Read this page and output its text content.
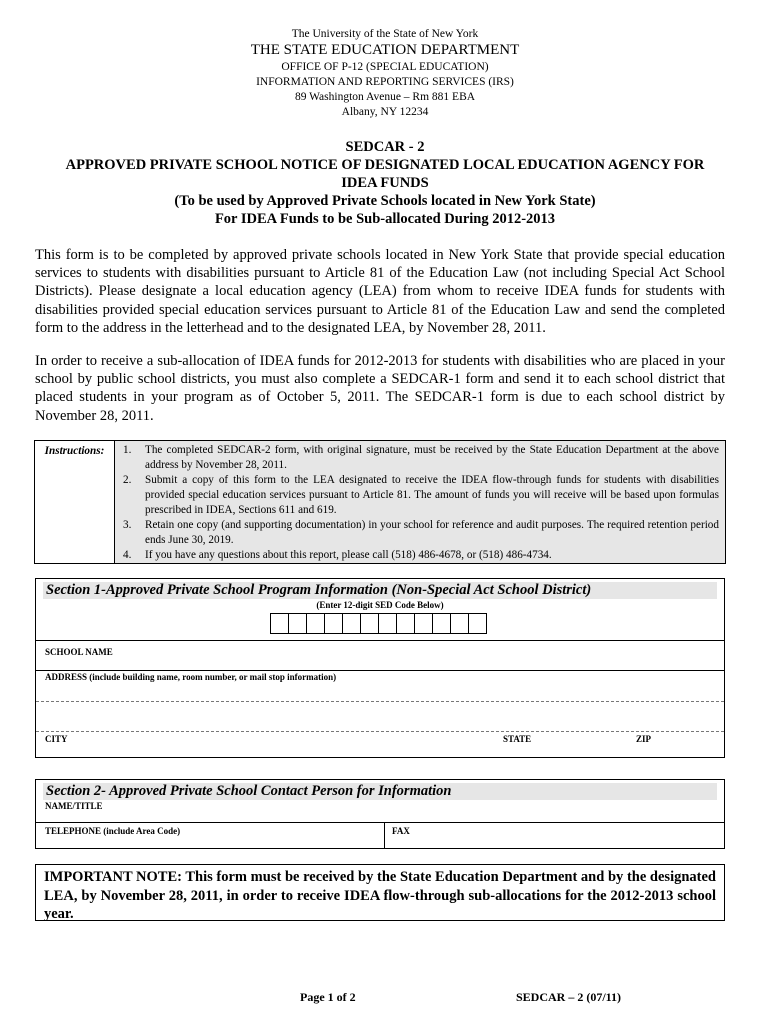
The University of the State of New York
THE STATE EDUCATION DEPARTMENT
OFFICE OF P-12 (SPECIAL EDUCATION)
INFORMATION AND REPORTING SERVICES (IRS)
89 Washington Avenue – Rm 881 EBA
Albany, NY 12234
SEDCAR - 2
APPROVED PRIVATE SCHOOL NOTICE OF DESIGNATED LOCAL EDUCATION AGENCY FOR
IDEA FUNDS
(To be used by Approved Private Schools located in New York State)
For IDEA Funds to be Sub-allocated During 2012-2013
This form is to be completed by approved private schools located in New York State that provide special education services to students with disabilities pursuant to Article 81 of the Education Law (not including Special Act School Districts). Please designate a local education agency (LEA) from whom to receive IDEA funds for students with disabilities provided special education services pursuant to Article 81 of the Education Law and send the completed form to the address in the letterhead and to the designated LEA, by November 28, 2011.
In order to receive a sub-allocation of IDEA funds for 2012-2013 for students with disabilities who are placed in your school by public school districts, you must also complete a SEDCAR-1 form and send it to each school district that placed students in your program as of October 5, 2011. The SEDCAR-1 form is due to each school district by November 28, 2011.
Instructions:	1. The completed SEDCAR-2 form, with original signature, must be received by the State Education Department at the above address by November 28, 2011.
2. Submit a copy of this form to the LEA designated to receive the IDEA flow-through funds for students with disabilities provided special education services pursuant to Article 81. The amount of funds you will receive will be based upon formulas prescribed in IDEA, Sections 611 and 619.
3. Retain one copy (and supporting documentation) in your school for reference and audit purposes. The required retention period ends June 30, 2019.
4. If you have any questions about this report, please call (518) 486-4678, or (518) 486-4734.
Section 1-Approved Private School Program Information (Non-Special Act School District)
(Enter 12-digit SED Code Below)
SCHOOL NAME
ADDRESS (include building name, room number, or mail stop information)
CITY	STATE	ZIP
Section 2- Approved Private School Contact Person for Information
NAME/TITLE
TELEPHONE (include Area Code)	FAX
IMPORTANT NOTE: This form must be received by the State Education Department and by the designated LEA, by November 28, 2011, in order to receive IDEA flow-through sub-allocations for the 2012-2013 school year.
Page 1 of 2	SEDCAR – 2 (07/11)
